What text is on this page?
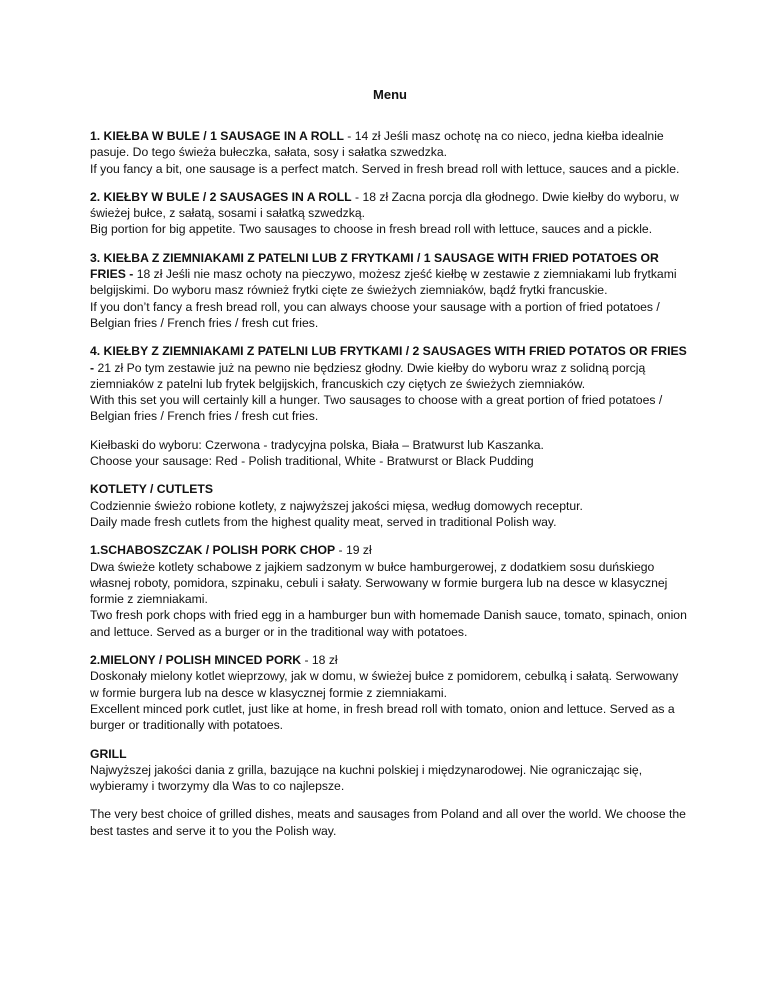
Menu

1. KIEŁBA W BULE / 1 SAUSAGE IN A ROLL - 14 zł Jeśli masz ochotę na co nieco, jedna kiełba idealnie pasuje. Do tego świeża bułeczka, sałata, sosy i sałatka szwedzka.

If you fancy a bit, one sausage is a perfect match. Served in fresh bread roll with lettuce, sauces and a pickle.

2. KIEŁBY W BULE / 2 SAUSAGES IN A ROLL - 18 zł Zacna porcja dla głodnego. Dwie kiełby do wyboru, w świeżej bułce, z sałatą, sosami i sałatką szwedzką.

Big portion for big appetite. Two sausages to choose in fresh bread roll with lettuce, sauces and a pickle.

3. KIEŁBA Z ZIEMNIAKAMI Z PATELNI LUB Z FRYTKAMI / 1 SAUSAGE WITH FRIED POTATOES OR FRIES - 18 zł Jeśli nie masz ochoty na pieczywo, możesz zjeść kiełbę w zestawie z ziemniakami lub frytkami belgijskimi. Do wyboru masz również frytki cięte ze świeżych ziemniaków, bądź frytki francuskie.

If you don’t fancy a fresh bread roll, you can always choose your sausage with a portion of fried potatoes / Belgian fries / French fries / fresh cut fries.

4. KIEŁBY Z ZIEMNIAKAMI Z PATELNI LUB FRYTKAMI / 2 SAUSAGES WITH FRIED POTATOS OR FRIES - 21 zł Po tym zestawie już na pewno nie będziesz głodny. Dwie kiełby do wyboru wraz z solidną porcją ziemniaków z patelni lub frytek belgijskich, francuskich czy ciętych ze świeżych ziemniaków.

With this set you will certainly kill a hunger. Two sausages to choose with a great portion of fried potatoes / Belgian fries / French fries / fresh cut fries.

Kiełbaski do wyboru: Czerwona - tradycyjna polska, Biała – Bratwurst lub Kaszanka.

Choose your sausage: Red - Polish traditional, White - Bratwurst or Black Pudding

KOTLETY / CUTLETS

Codziennie świeżo robione kotlety, z najwyższej jakości mięsa, według domowych receptur.

Daily made fresh cutlets from the highest quality meat, served in traditional Polish way.

1.SCHABOSZCZAK / POLISH PORK CHOP - 19 zł

Dwa świeże kotlety schabowe z jajkiem sadzonym w bułce hamburgerowej, z dodatkiem sosu duńskiego własnej roboty, pomidora, szpinaku, cebuli i sałaty. Serwowany w formie burgera lub na desce w klasycznej formie z ziemniakami.

Two fresh pork chops with fried egg in a hamburger bun with homemade Danish sauce, tomato, spinach, onion and lettuce. Served as a burger or in the traditional way with potatoes.

2.MIELONY / POLISH MINCED PORK - 18 zł

Doskonały mielony kotlet wieprzowy, jak w domu, w świeżej bułce z pomidorem, cebulką i sałatą. Serwowany w formie burgera lub na desce w klasycznej formie z ziemniakami.

Excellent minced pork cutlet, just like at home, in fresh bread roll with tomato, onion and lettuce. Served as a burger or traditionally with potatoes.

GRILL

Najwyższej jakości dania z grilla, bazujące na kuchni polskiej i międzynarodowej. Nie ograniczając się, wybieramy i tworzymy dla Was to co najlepsze.

The very best choice of grilled dishes, meats and sausages from Poland and all over the world. We choose the best tastes and serve it to you the Polish way.
